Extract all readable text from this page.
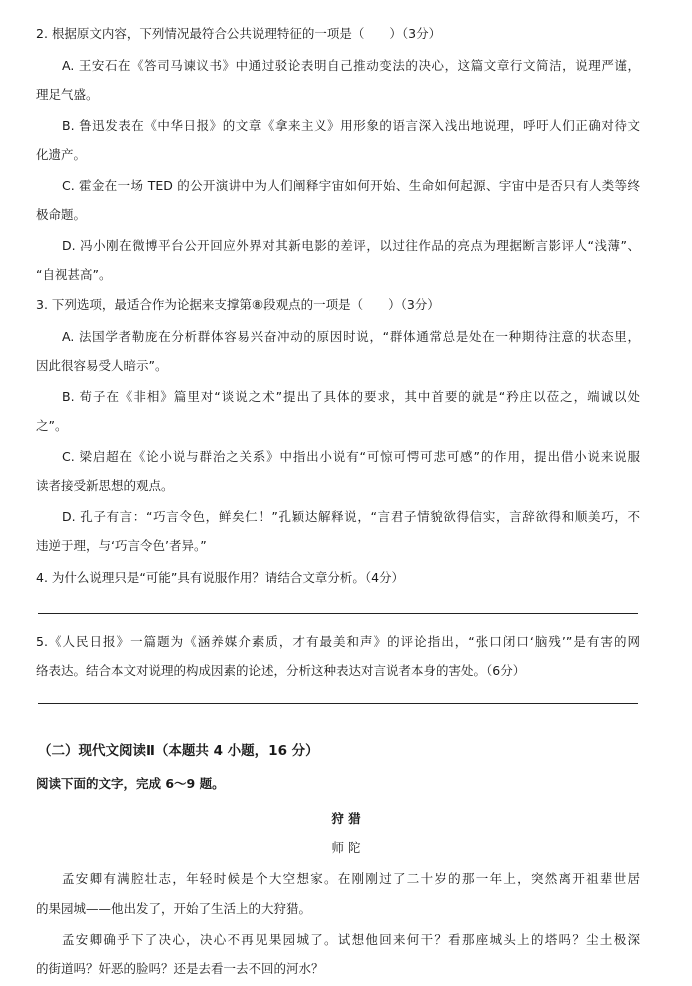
2. 根据原文内容，下列情况最符合公共说理特征的一项是（　　）（3分）
A. 王安石在《答司马谏议书》中通过驳论表明自己推动变法的决心，这篇文章行文简洁，说理严谨，
理足气盛。
B. 鲁迅发表在《中华日报》的文章《拿来主义》用形象的语言深入浅出地说理，呼吁人们正确对待文
化遗产。
C. 霍金在一场 TED 的公开演讲中为人们阐释宇宙如何开始、生命如何起源、宇宙中是否只有人类等终
极命题。
D. 冯小刚在微博平台公开回应外界对其新电影的差评，以过往作品的亮点为理据断言影评人“浅薄”、
“自视甚高”。
3. 下列选项，最适合作为论据来支撑第⑧段观点的一项是（　　）（3分）
A. 法国学者勒庞在分析群体容易兴奋冲动的原因时说，“群体通常总是处在一种期待注意的状态里，
因此很容易受人暗示”。
B. 荀子在《非相》篇里对“谈说之术”提出了具体的要求，其中首要的就是“矜庄以莅之，端诚以处
之”。
C. 梁启超在《论小说与群治之关系》中指出小说有“可惊可愕可悲可感”的作用，提出借小说来说服
读者接受新思想的观点。
D. 孔子有言：“巧言令色，鲜矣仁！”孔颖达解释说，“言君子情貌欲得信实，言辞欲得和顺美巧，不
违逆于理，与‘巧言令色’者异。”
4. 为什么说理只是“可能”具有说服作用？请结合文章分析。（4分）
5.《人民日报》一篇题为《涵养媒介素质，才有最美和声》的评论指出，“张口闭口‘脑残’”是有害的网
络表达。结合本文对说理的构成因素的论述，分析这种表达对言说者本身的害处。（6分）
（二）现代文阅读Ⅱ（本题共 4 小题，16 分）
阅读下面的文字，完成 6～9 题。
狩 猎
师 陀
孟安卿有满腔壮志，年轻时候是个大空想家。在刚刚过了二十岁的那一年上，突然离开祖辈世居
的果园城——他出发了，开始了生活上的大狩猎。
孟安卿确乎下了决心，决心不再见果园城了。试想他回来何干？看那座城头上的塔吗？尘土极深
的街道吗？奸恶的脸吗？还是去看一去不回的河水？
